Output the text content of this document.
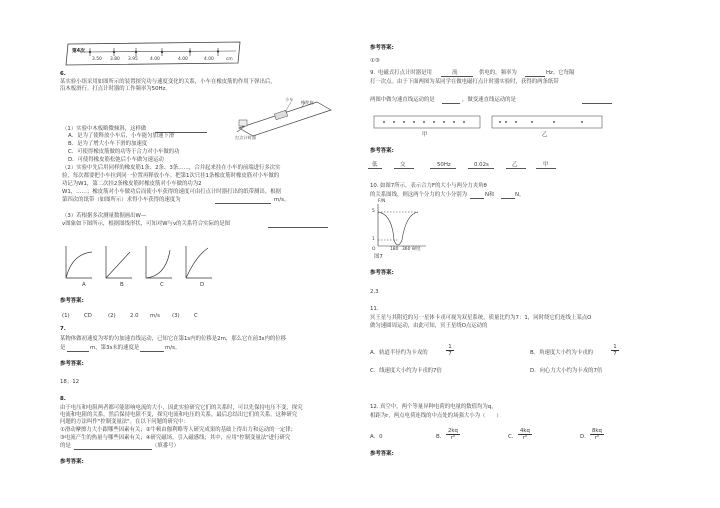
第4次
3.50 3.80 3.95	4.00	4.00	4.00	cm
6.
某实验小组采用如图所示的装置探究功与速度变化的关系，小车在橡皮筋的作用下弹出后，
沿木板滑行。打点计时器的工作频率为50Hz。
小车
橡皮筋
打点计时器
（1）实验中木板略微倾斜，这样做
A．是为了使释放小车后，小车能匀加速下滑
B．是为了增大小车下滑的加速度
C．可使得橡皮筋做的功等于合力对小车做的功
D．可使得橡皮筋松弛后小车做匀速运动
（2）实验中先后用同样的橡皮筋1条、2条、3条……，合并起来挂在小车的前端进行多次实
验，每次都要把小车拉到同一位置再释放小车。把第1次只挂1条橡皮筋时橡皮筋对小车做的
功记为W1，第二次挂2条橡皮筋时橡皮筋对小车做的功为2
W1，……；橡皮筋对小车做功后而使小车获得的速度可由打点计时器打出的纸带测出。根据
第四次的纸带（如图所示）求得小车获得的速度为	m/s。
（3）若根据多次测量数据画出W—
v图象如下图所示，根据图线形状，可知对W与v的关系符合实际的是图
A	B	C	D
参考答案:
(1)	CD	(2)	2.0 m/s (3)	C
7.
某物体做初速度为零的匀加速直线运动，已知它在第1s内的位移是2m，那么它在前3s内的位移
是	m，第3s末的速度是	m/s。
参考答案:
18；12
8.
由于电压和电阻两者都可能影响电流的大小，因此实验研究它们的关系时，可以先保持电压不变，探究
电流和电阻的关系，然后保持电阻不变，探究电流和电压的关系，最后总结出它们的关系。这种研究
问题的方法叫作"控制变量法"。在以下问题的研究中：
①滑动摩擦力大小跟哪些因素有关；②牛顿由伽利略等人研究成果的基础上得出力和运动的一定律；
③电流产生的热量与哪些因素有关；④研究磁场，引入磁感线；其中，应用"控制变量法"进行研究
的是	（填番号）
参考答案:
参考答案:
①③
9. 电磁式打点计时器是用	流	供电的，频率为	Hz。它每隔
打一次点。由于下面两图为某同学在做电磁打点计时器实验时，获得的两条纸带
两图中做匀速直线运动的是	，做变速直线运动的是
甲	乙
参考答案:
低	交	50Hz	0.02s	乙	甲
10. 如图7所示，表示合力F的大小与两分力夹角θ
的关系图线，则这两个分力的大小分别为	N和	N。
F/N
5
1
O	180 360 θ/度
图7
参考答案:
2,3
11.
冥王星与其附近的另一星体卡戎可视为双星系统，质量比约为7：1，同时绕它们连线上某点O
做匀速圆周运动，由此可知，冥王星绕O点运动的
A．轨道半径约为卡戎的	$\frac{1}{7}$	B．角速度大小约为卡戎的	$\frac{1}{7}$
C．线速度大小约为卡戎的7倍	D．向心力大小约为卡戎的7倍
12. 真空中，两个等量异种电荷的电量的数值均为q，
相距为r，两点电荷连线的中点处的场强大小为（　　）
A．0	B． $\frac{2kq}{\text{r²}}$	C． $\frac{4kq}{\text{r²}}$	D． $\frac{8kq}{\text{r²}}$
参考答案:
